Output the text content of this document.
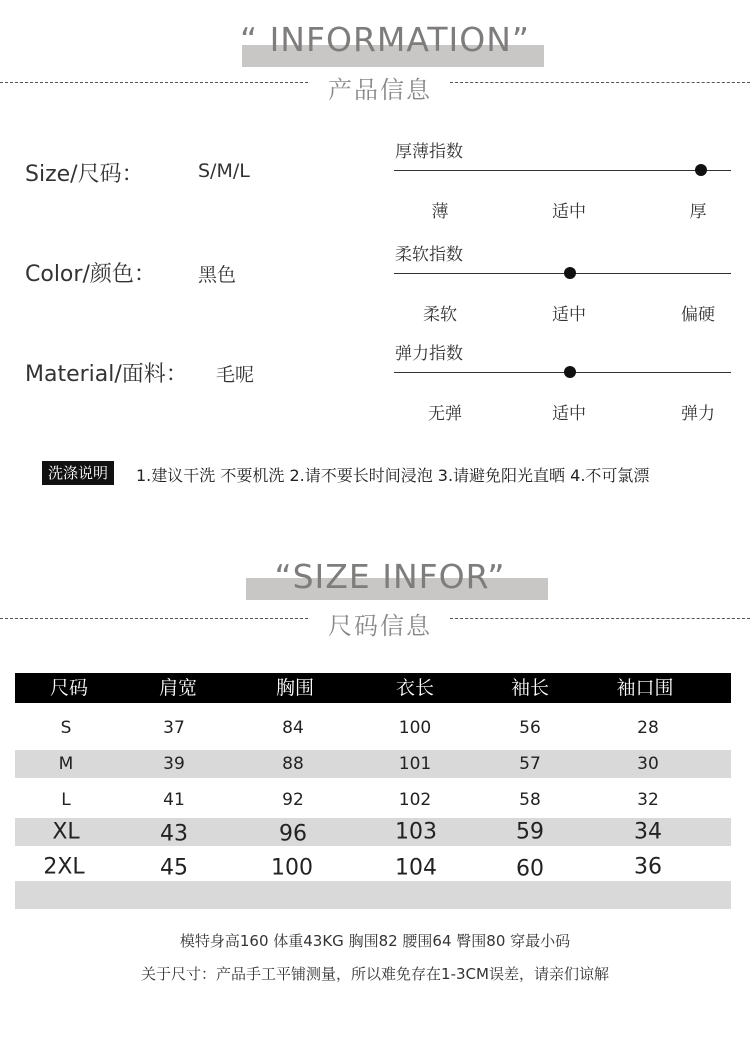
“ INFORMATION”
产品信息
Size/尺码：	S/M/L
Color/颜色： 黑色
Material/面料： 毛呢
厚薄指数
薄	适中	厚
柔软指数
柔软	适中	偏硬
弹力指数
无弹	适中	弹力
洗涤说明	1.建议干洗 不要机洗 2.请不要长时间浸泡 3.请避免阳光直晒 4.不可氯漂
“SIZE INFOR”
尺码信息
尺码	肩宽	胸围	衣长	袖长	袖口围
S	37	84	100	56	28
M	39	88	101	57	30
L	41	92	102	58	32
XL	43	96	103	59	34
2XL	45	100	104	60	36
模特身高160 体重43KG 胸围82 腰围64 臀围80 穿最小码
关于尺寸：产品手工平铺测量，所以难免存在1-3CM误差，请亲们谅解
